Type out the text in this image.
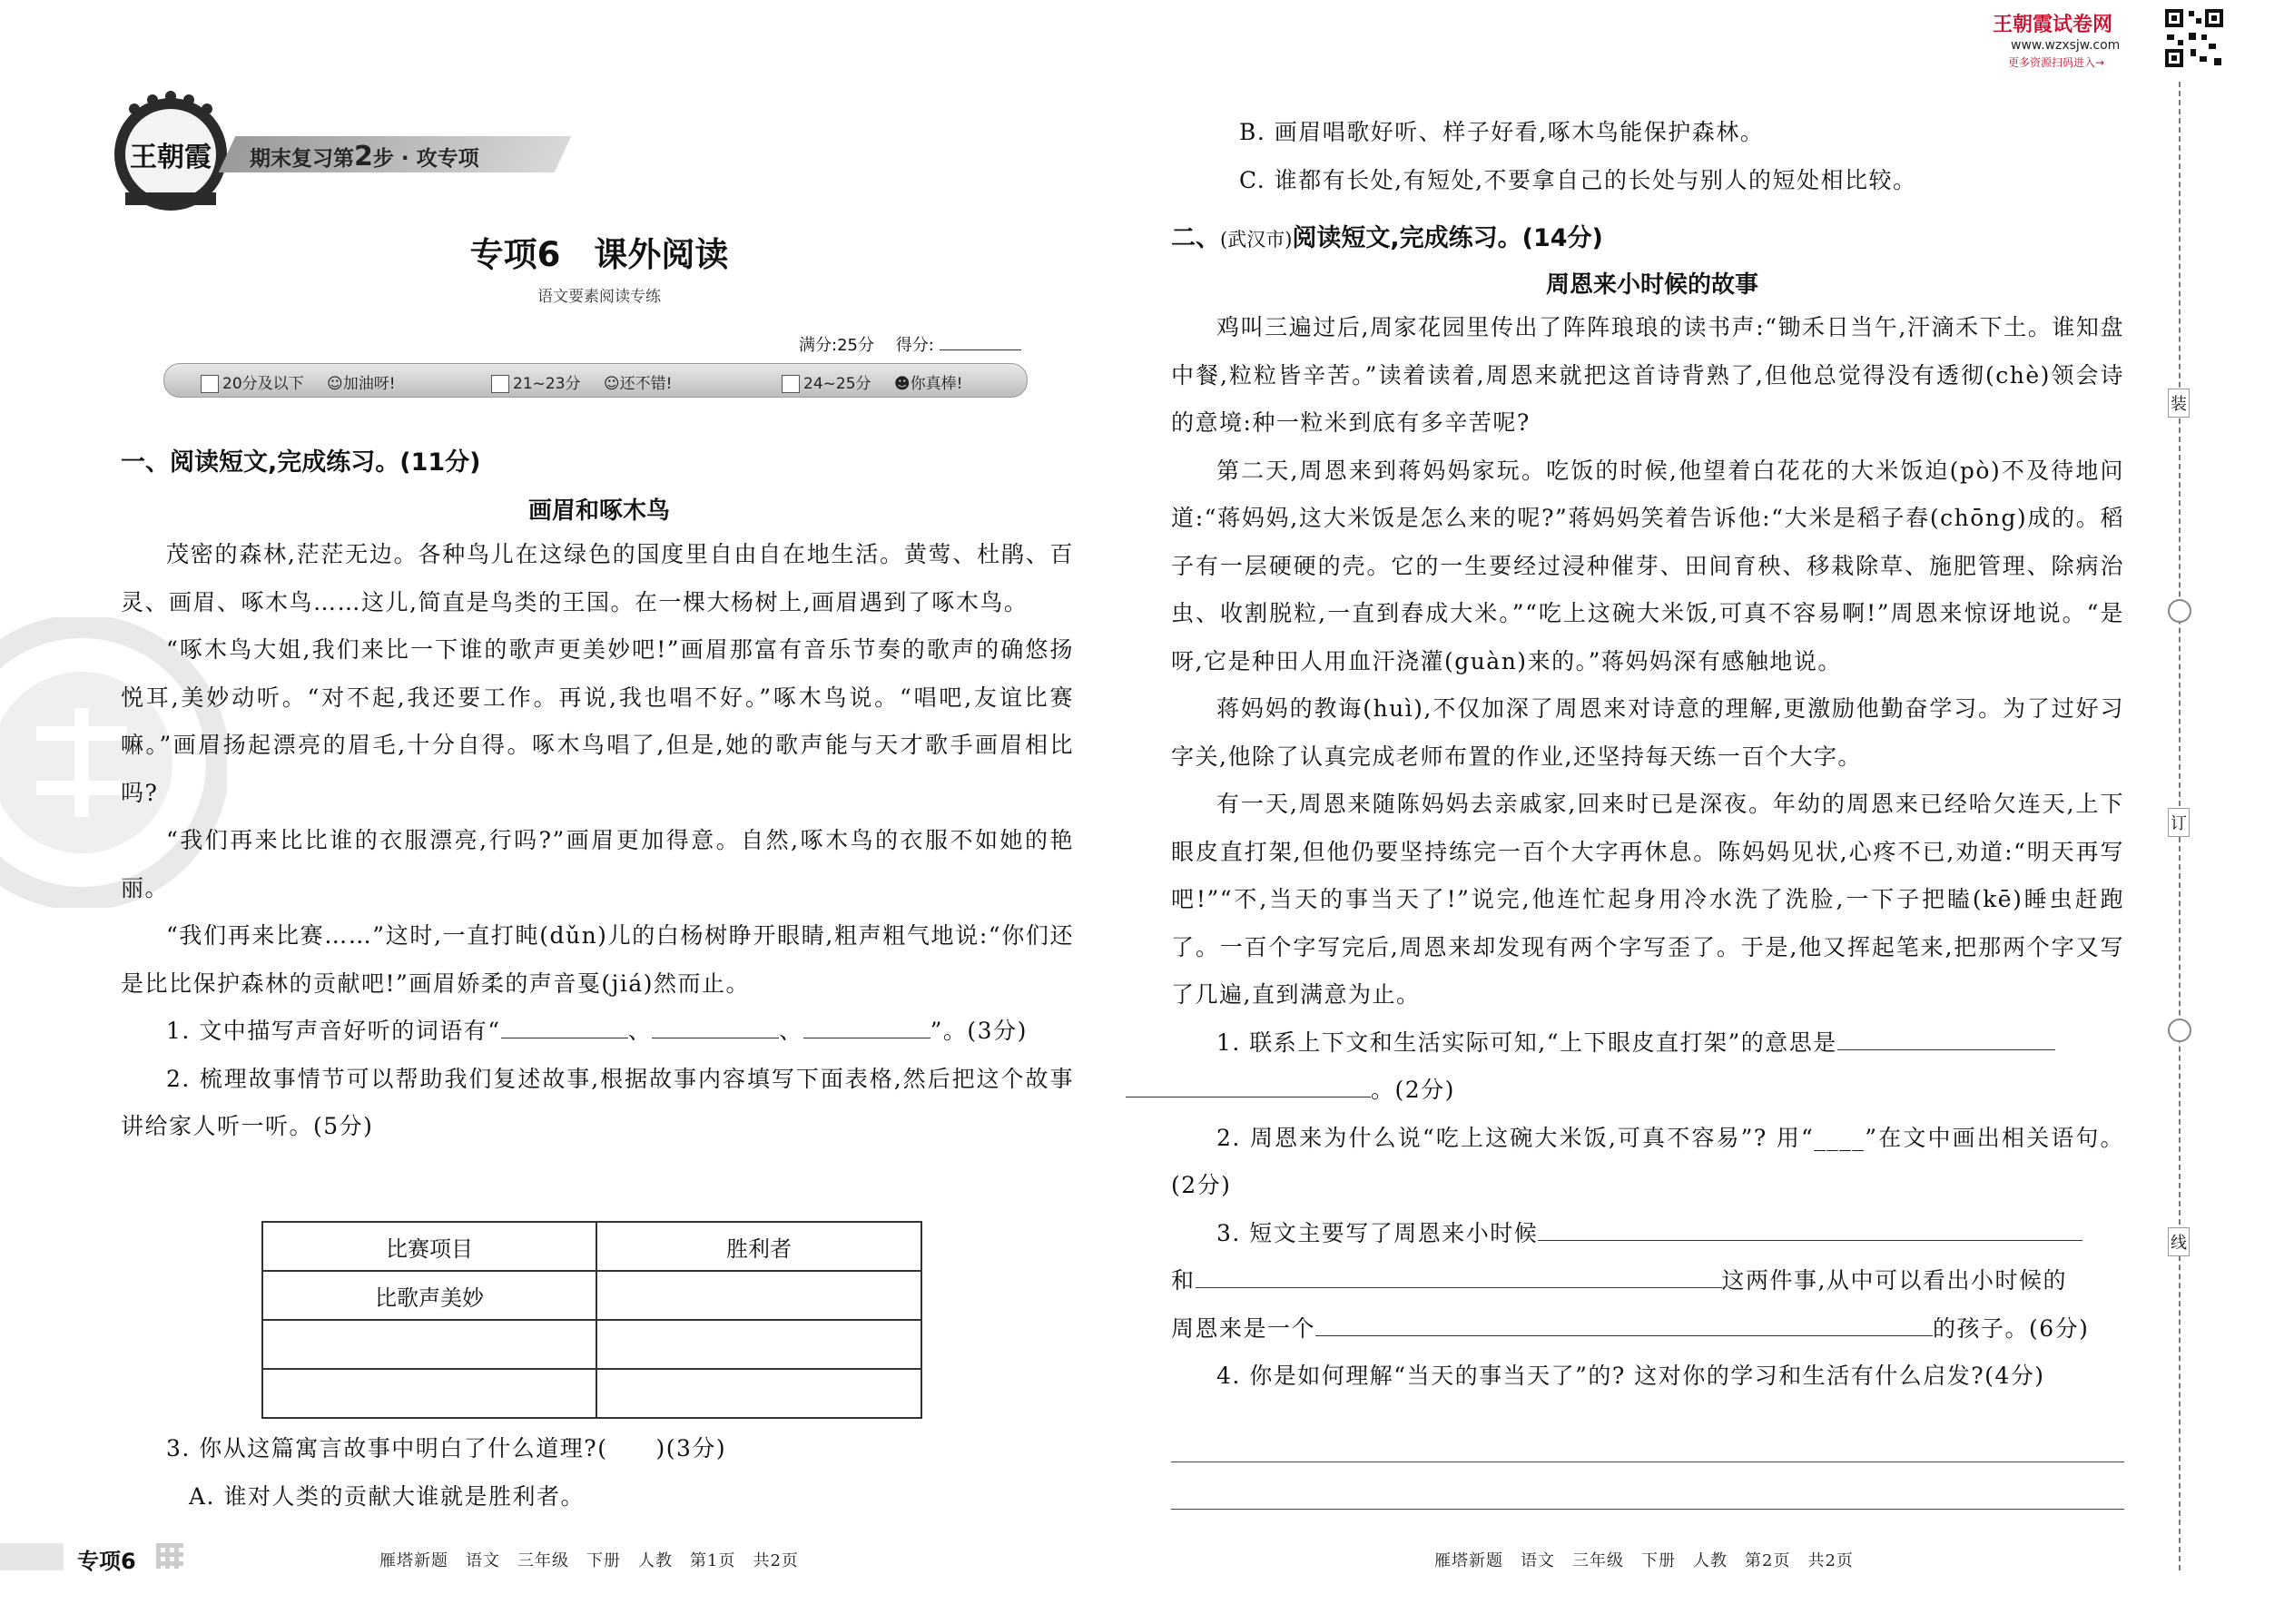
王朝霞 期末复习第2步 · 攻专项
专项6　课外阅读
语文要素阅读专练
满分:25分 得分:
20分及以下 ☺加油呀!	21~23分 ☺还不错!	24~25分 ☻你真棒!
一、阅读短文,完成练习。(11分)
画眉和啄木鸟

茂密的森林,茫茫无边。各种鸟儿在这绿色的国度里自由自在地生活。黄莺、杜鹃、百灵、画眉、啄木鸟……这儿,简直是鸟类的王国。在一棵大杨树上,画眉遇到了啄木鸟。

“啄木鸟大姐,我们来比一下谁的歌声更美妙吧!”画眉那富有音乐节奏的歌声的确悠扬悦耳,美妙动听。“对不起,我还要工作。再说,我也唱不好。”啄木鸟说。“唱吧,友谊比赛嘛。”画眉扬起漂亮的眉毛,十分自得。啄木鸟唱了,但是,她的歌声能与天才歌手画眉相比吗?

“我们再来比比谁的衣服漂亮,行吗?”画眉更加得意。自然,啄木鸟的衣服不如她的艳丽。

“我们再来比赛……”这时,一直打盹(dǔn)儿的白杨树睁开眼睛,粗声粗气地说:“你们还是比比保护森林的贡献吧!”画眉娇柔的声音戛(jiá)然而止。

1. 文中描写声音好听的词语有“	、	、	”。(3分)

2. 梳理故事情节可以帮助我们复述故事,根据故事内容填写下面表格,然后把这个故事讲给家人听一听。(5分)

比赛项目	胜利者
比歌声美妙	

3. 你从这篇寓言故事中明白了什么道理?(　　)(3分)

A. 谁对人类的贡献大谁就是胜利者。

专项6	雁塔新题　语文　三年级　下册　人教　第1页　共2页
王朝霞试卷网
www.wzxsjw.com
更多资源扫码进入→

B. 画眉唱歌好听、样子好看,啄木鸟能保护森林。

C. 谁都有长处,有短处,不要拿自己的长处与别人的短处相比较。

二、(武汉市)阅读短文,完成练习。(14分)
周恩来小时候的故事

鸡叫三遍过后,周家花园里传出了阵阵琅琅的读书声:“锄禾日当午,汗滴禾下土。谁知盘中餐,粒粒皆辛苦。”读着读着,周恩来就把这首诗背熟了,但他总觉得没有透彻(chè)领会诗的意境:种一粒米到底有多辛苦呢?

第二天,周恩来到蒋妈妈家玩。吃饭的时候,他望着白花花的大米饭迫(pò)不及待地问道:“蒋妈妈,这大米饭是怎么来的呢?”蒋妈妈笑着告诉他:“大米是稻子舂(chōng)成的。稻子有一层硬硬的壳。它的一生要经过浸种催芽、田间育秧、移栽除草、施肥管理、除病治虫、收割脱粒,一直到舂成大米。”“吃上这碗大米饭,可真不容易啊!”周恩来惊讶地说。“是呀,它是种田人用血汗浇灌(guàn)来的。”蒋妈妈深有感触地说。

蒋妈妈的教诲(huì),不仅加深了周恩来对诗意的理解,更激励他勤奋学习。为了过好习字关,他除了认真完成老师布置的作业,还坚持每天练一百个大字。

有一天,周恩来随陈妈妈去亲戚家,回来时已是深夜。年幼的周恩来已经哈欠连天,上下眼皮直打架,但他仍要坚持练完一百个大字再休息。陈妈妈见状,心疼不已,劝道:“明天再写吧!”“不,当天的事当天了!”说完,他连忙起身用冷水洗了洗脸,一下子把瞌(kē)睡虫赶跑了。一百个字写完后,周恩来却发现有两个字写歪了。于是,他又挥起笔来,把那两个字又写了几遍,直到满意为止。

1. 联系上下文和生活实际可知,“上下眼皮直打架”的意思是
。(2分)

2. 周恩来为什么说“吃上这碗大米饭,可真不容易”? 用“____”在文中画出相关语句。(2分)

3. 短文主要写了周恩来小时候

和	这两件事,从中可以看出小时候的

周恩来是一个	的孩子。(6分)

4. 你是如何理解“当天的事当天了”的? 这对你的学习和生活有什么启发?(4分)

装
订
线
雁塔新题　语文　三年级　下册　人教　第2页　共2页
